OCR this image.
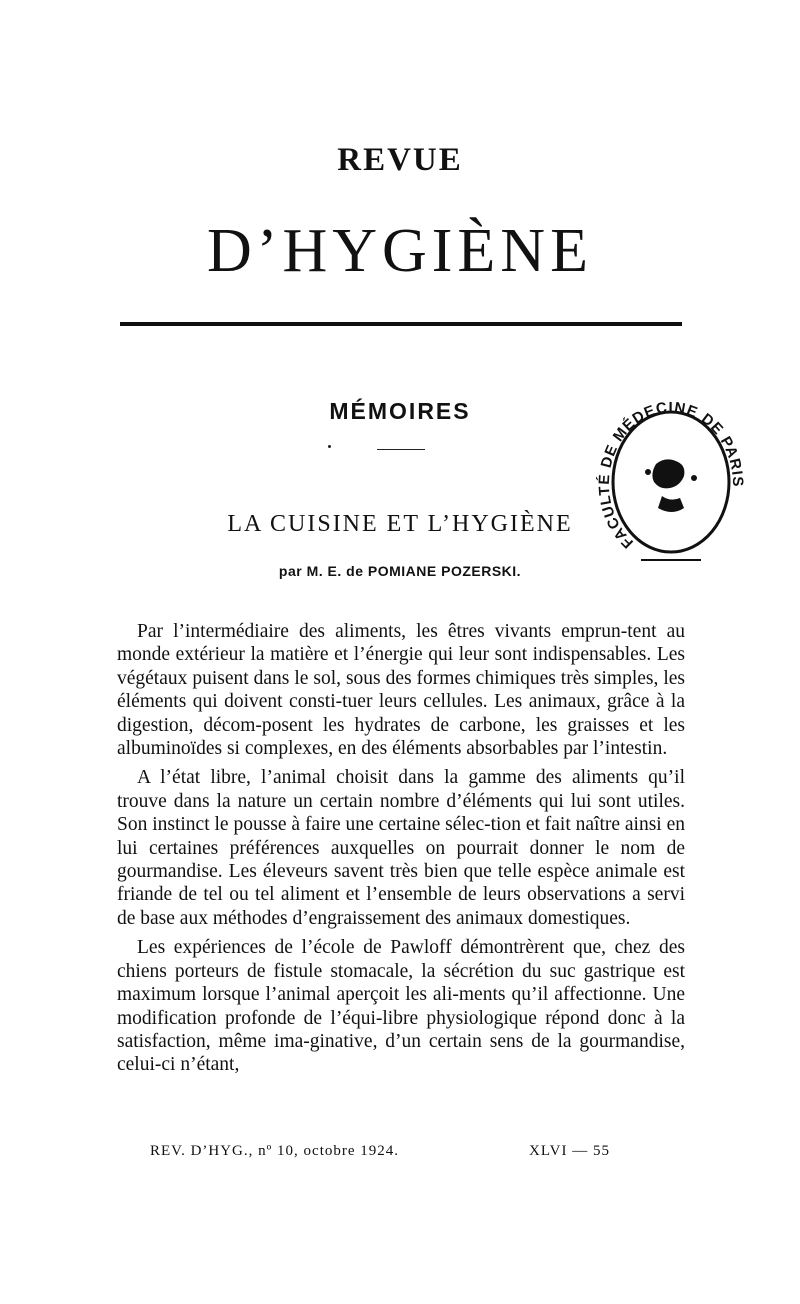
REVUE
D’HYGIÈNE
MÉMOIRES
LA CUISINE ET L’HYGIÈNE
par M. E. de POMIANE POZERSKI.
FACULTÉ DE MÉDECINE DE PARIS

Par l’intermédiaire des aliments, les êtres vivants emprun-tent au monde extérieur la matière et l’énergie qui leur sont indispensables. Les végétaux puisent dans le sol, sous des formes chimiques très simples, les éléments qui doivent consti-tuer leurs cellules. Les animaux, grâce à la digestion, décom-posent les hydrates de carbone, les graisses et les albuminoïdes si complexes, en des éléments absorbables par l’intestin.

A l’état libre, l’animal choisit dans la gamme des aliments qu’il trouve dans la nature un certain nombre d’éléments qui lui sont utiles. Son instinct le pousse à faire une certaine sélec-tion et fait naître ainsi en lui certaines préférences auxquelles on pourrait donner le nom de gourmandise. Les éleveurs savent très bien que telle espèce animale est friande de tel ou tel aliment et l’ensemble de leurs observations a servi de base aux méthodes d’engraissement des animaux domestiques.

Les expériences de l’école de Pawloff démontrèrent que, chez des chiens porteurs de fistule stomacale, la sécrétion du suc gastrique est maximum lorsque l’animal aperçoit les ali-ments qu’il affectionne. Une modification profonde de l’équi-libre physiologique répond donc à la satisfaction, même ima-ginative, d’un certain sens de la gourmandise, celui-ci n’étant,

REV. D’HYG., nº 10, octobre 1924.	XLVI — 55
